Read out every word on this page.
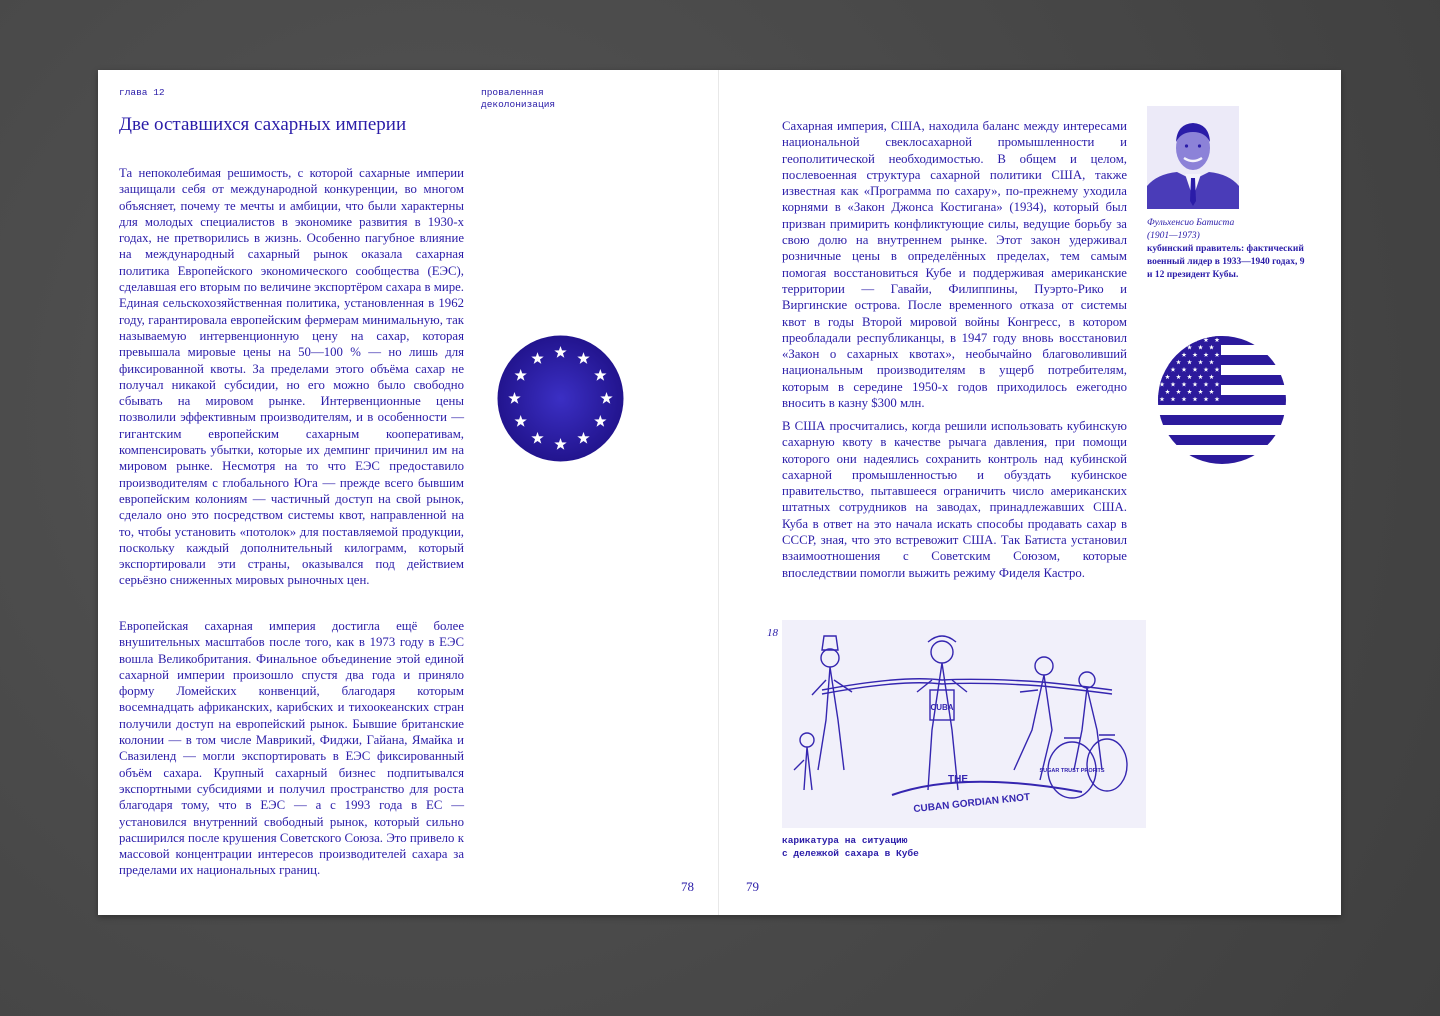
глава 12	проваленная деколонизация
Две оставшихся сахарных империи

Та непоколебимая решимость, с которой сахарные империи защищали себя от международной конкуренции, во многом объясняет, почему те мечты и амбиции, что были характерны для молодых специалистов в экономике развития в 1930-х годах, не претворились в жизнь. Особенно пагубное влияние на международный сахарный рынок оказала сахарная политика Европейского экономического сообщества (ЕЭС), сделавшая его вторым по величине экспортёром сахара в мире. Единая сельскохозяйственная политика, установленная в 1962 году, гарантировала европейским фермерам минимальную, так называемую интервенционную цену на сахар, которая превышала мировые цены на 50—100 % — но лишь для фиксированной квоты. За пределами этого объёма сахар не получал никакой субсидии, но его можно было свободно сбывать на мировом рынке. Интервенционные цены позволили эффективным производителям, и в особенности — гигантским европейским сахарным кооперативам, компенсировать убытки, которые их демпинг причинил им на мировом рынке. Несмотря на то что ЕЭС предоставило производителям с глобального Юга — прежде всего бывшим европейским колониям — частичный доступ на свой рынок, сделало оно это посредством системы квот, направленной на то, чтобы установить «потолок» для поставляемой продукции, поскольку каждый дополнительный килограмм, который экспортировали эти страны, оказывался под действием серьёзно сниженных мировых рыночных цен.

Европейская сахарная империя достигла ещё более внушительных масштабов после того, как в 1973 году в ЕЭС вошла Великобритания. Финальное объединение этой единой сахарной империи произошло спустя два года и приняло форму Ломейских конвенций, благодаря которым восемнадцать африканских, карибских и тихоокеанских стран получили доступ на европейский рынок. Бывшие британские колонии — в том числе Маврикий, Фиджи, Гайана, Ямайка и Свазиленд — могли экспортировать в ЕЭС фиксированный объём сахара. Крупный сахарный бизнес подпитывался экспортными субсидиями и получил пространство для роста благодаря тому, что в ЕЭС — а с 1993 года в ЕС — установился внутренний свободный рынок, который сильно расширился после крушения Советского Союза. Это привело к массовой концентрации интересов производителей сахара за пределами их национальных границ.

78

Сахарная империя, США, находила баланс между интересами национальной свеклосахарной промышленности и геополитической необходимостью. В общем и целом, послевоенная структура сахарной политики США, также известная как «Программа по сахару», по-прежнему уходила корнями в «Закон Джонса Костигана» (1934), который был призван примирить конфликтующие силы, ведущие борьбу за свою долю на внутреннем рынке. Этот закон удерживал розничные цены в определённых пределах, тем самым помогая восстановиться Кубе и поддерживая американские территории — Гавайи, Филиппины, Пуэрто-Рико и Виргинские острова. После временного отказа от системы квот в годы Второй мировой войны Конгресс, в котором преобладали республиканцы, в 1947 году вновь восстановил «Закон о сахарных квотах», необычайно благоволивший национальным производителям в ущерб потребителям, которым в середине 1950-х годов приходилось ежегодно вносить в казну $300 млн.

В США просчитались, когда решили использовать кубинскую сахарную квоту в качестве рычага давления, при помощи которого они надеялись сохранить контроль над кубинской сахарной промышленностью и обуздать кубинское правительство, пытавшееся ограничить число американских штатных сотрудников на заводах, принадлежавших США. Куба в ответ на это начала искать способы продавать сахар в СССР, зная, что это встревожит США. Так Батиста установил взаимоотношения с Советским Союзом, которые впоследствии помогли выжить режиму Фиделя Кастро.

Фульхенсио Батиста
(1901—1973)
кубинский правитель: фактический военный лидер в 1933—1940 годах, 9 и 12 президент Кубы.
18
THE
CUBAN GORDIAN KNOT
CUBA
SUGAR TRUST PROFITS
карикатура на ситуацию
с дележкой сахара в Кубе
79
